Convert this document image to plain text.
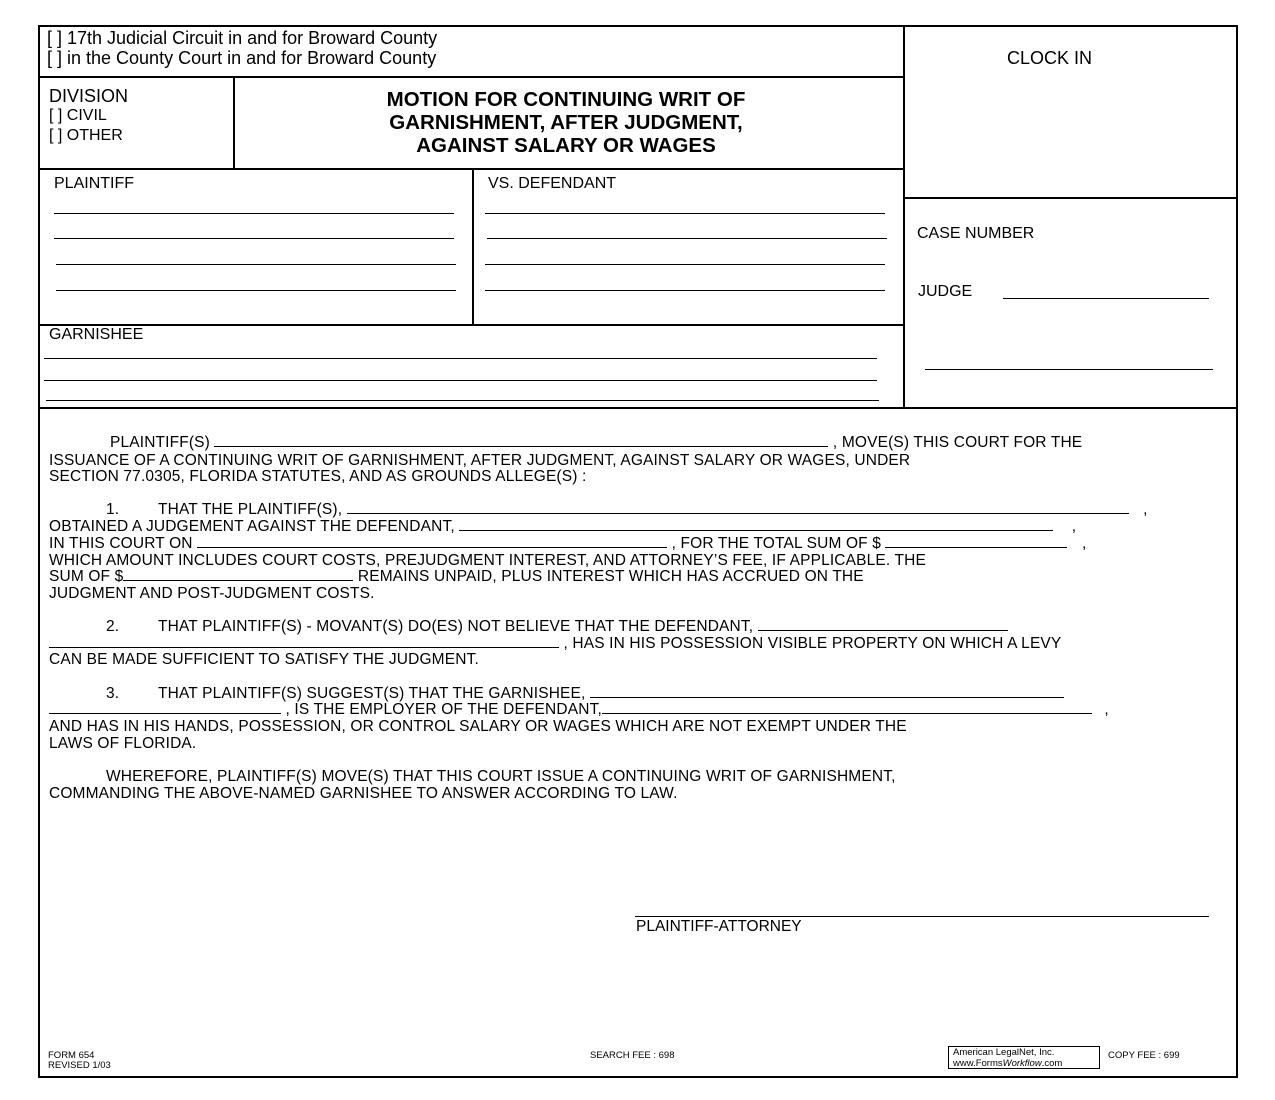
[ ] 17th Judicial Circuit in and for Broward County
[ ] in the County Court in and for Broward County	CLOCK IN
DIVISION
[ ] CIVIL
[ ] OTHER
MOTION FOR CONTINUING WRIT OF
GARNISHMENT, AFTER JUDGMENT,
AGAINST SALARY OR WAGES
PLAINTIFF	VS. DEFENDANT
GARNISHEE
CASE NUMBER
JUDGE
PLAINTIFF(S)	, MOVE(S) THIS COURT FOR THE
ISSUANCE OF A CONTINUING WRIT OF GARNISHMENT, AFTER JUDGMENT, AGAINST SALARY OR WAGES, UNDER
SECTION 77.0305, FLORIDA STATUTES, AND AS GROUNDS ALLEGE(S) :
1.	THAT THE PLAINTIFF(S),	,
OBTAINED A JUDGEMENT AGAINST THE DEFENDANT,	,
IN THIS COURT ON	, FOR THE TOTAL SUM OF $	,
WHICH AMOUNT INCLUDES COURT COSTS, PREJUDGMENT INTEREST, AND ATTORNEY’S FEE, IF APPLICABLE. THE
SUM OF $	REMAINS UNPAID, PLUS INTEREST WHICH HAS ACCRUED ON THE
JUDGMENT AND POST-JUDGMENT COSTS.
2.	THAT PLAINTIFF(S) - MOVANT(S) DO(ES) NOT BELIEVE THAT THE DEFENDANT,
, HAS IN HIS POSSESSION VISIBLE PROPERTY ON WHICH A LEVY
CAN BE MADE SUFFICIENT TO SATISFY THE JUDGMENT.
3.	THAT PLAINTIFF(S) SUGGEST(S) THAT THE GARNISHEE,
, IS THE EMPLOYER OF THE DEFENDANT,	,
AND HAS IN HIS HANDS, POSSESSION, OR CONTROL SALARY OR WAGES WHICH ARE NOT EXEMPT UNDER THE
LAWS OF FLORIDA.
WHEREFORE, PLAINTIFF(S) MOVE(S) THAT THIS COURT ISSUE A CONTINUING WRIT OF GARNISHMENT,
COMMANDING THE ABOVE-NAMED GARNISHEE TO ANSWER ACCORDING TO LAW.
PLAINTIFF-ATTORNEY
FORM 654
REVISED 1/03
SEARCH FEE : 698	American LegalNet, Inc.
www.FormsWorkflow.com
COPY FEE : 699
